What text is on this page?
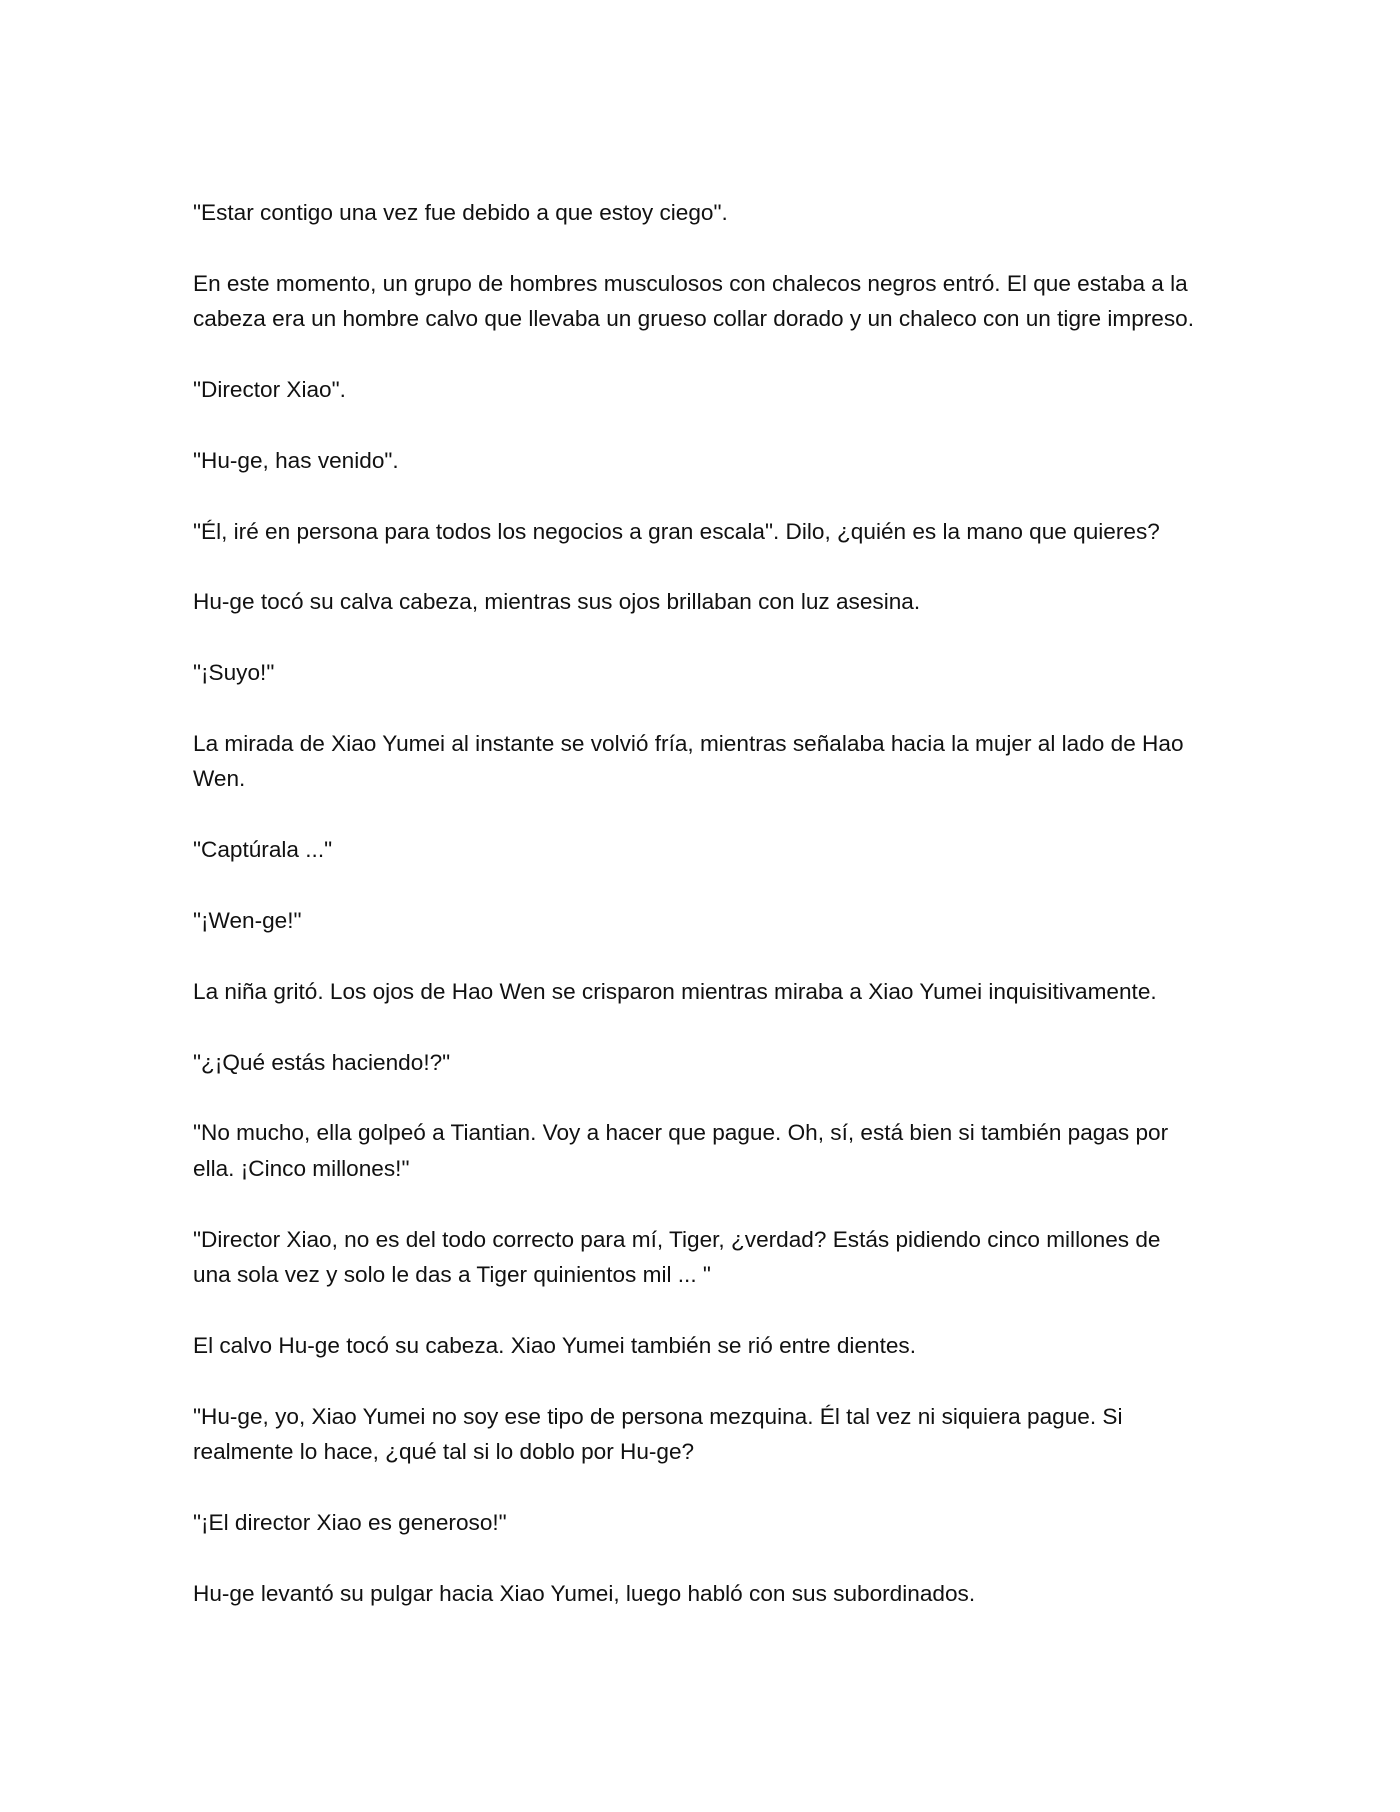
"Estar contigo una vez fue debido a que estoy ciego".

En este momento, un grupo de hombres musculosos con chalecos negros entró. El que estaba a la cabeza era un hombre calvo que llevaba un grueso collar dorado y un chaleco con un tigre impreso.

"Director Xiao".

"Hu-ge, has venido".

"Él, iré en persona para todos los negocios a gran escala". Dilo, ¿quién es la mano que quieres?

Hu-ge tocó su calva cabeza, mientras sus ojos brillaban con luz asesina.

"¡Suyo!"

La mirada de Xiao Yumei al instante se volvió fría, mientras señalaba hacia la mujer al lado de Hao Wen.

"Captúrala ..."

"¡Wen-ge!"

La niña gritó. Los ojos de Hao Wen se crisparon mientras miraba a Xiao Yumei inquisitivamente.

"¿¡Qué estás haciendo!?"

"No mucho, ella golpeó a Tiantian. Voy a hacer que pague. Oh, sí, está bien si también pagas por ella. ¡Cinco millones!"

"Director Xiao, no es del todo correcto para mí, Tiger, ¿verdad? Estás pidiendo cinco millones de una sola vez y solo le das a Tiger quinientos mil ... "

El calvo Hu-ge tocó su cabeza. Xiao Yumei también se rió entre dientes.

"Hu-ge, yo, Xiao Yumei no soy ese tipo de persona mezquina. Él tal vez ni siquiera pague. Si realmente lo hace, ¿qué tal si lo doblo por Hu-ge?

"¡El director Xiao es generoso!"

Hu-ge levantó su pulgar hacia Xiao Yumei, luego habló con sus subordinados.
